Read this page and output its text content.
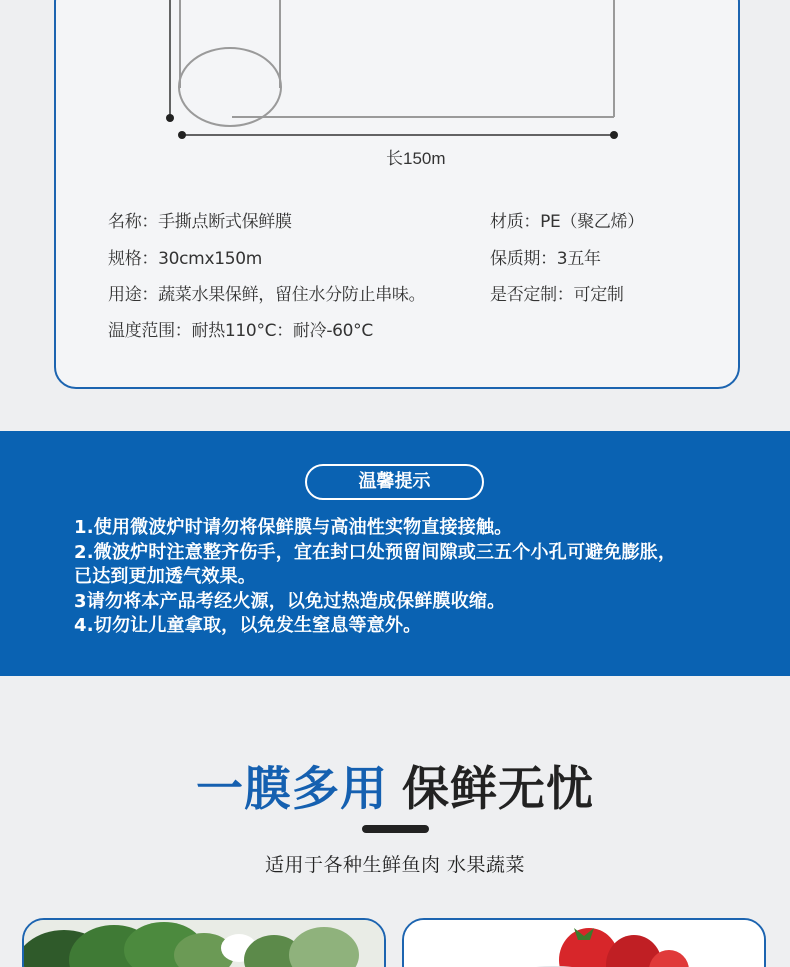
长150m
名称：手撕点断式保鲜膜	材质：PE（聚乙烯）
规格：30cmx150m	保质期：3五年
用途：蔬菜水果保鲜，留住水分防止串味。	是否定制：可定制
温度范围：耐热110°C：耐冷-60°C
温馨提示
1.使用微波炉时请勿将保鲜膜与高油性实物直接接触。
2.微波炉时注意整齐伤手，宜在封口处预留间隙或三五个小孔可避免膨胀，
已达到更加透气效果。
3请勿将本产品考经火源，以免过热造成保鲜膜收缩。
4.切勿让儿童拿取，以免发生窒息等意外。
一膜多用 保鲜无忧
适用于各种生鲜鱼肉 水果蔬菜
